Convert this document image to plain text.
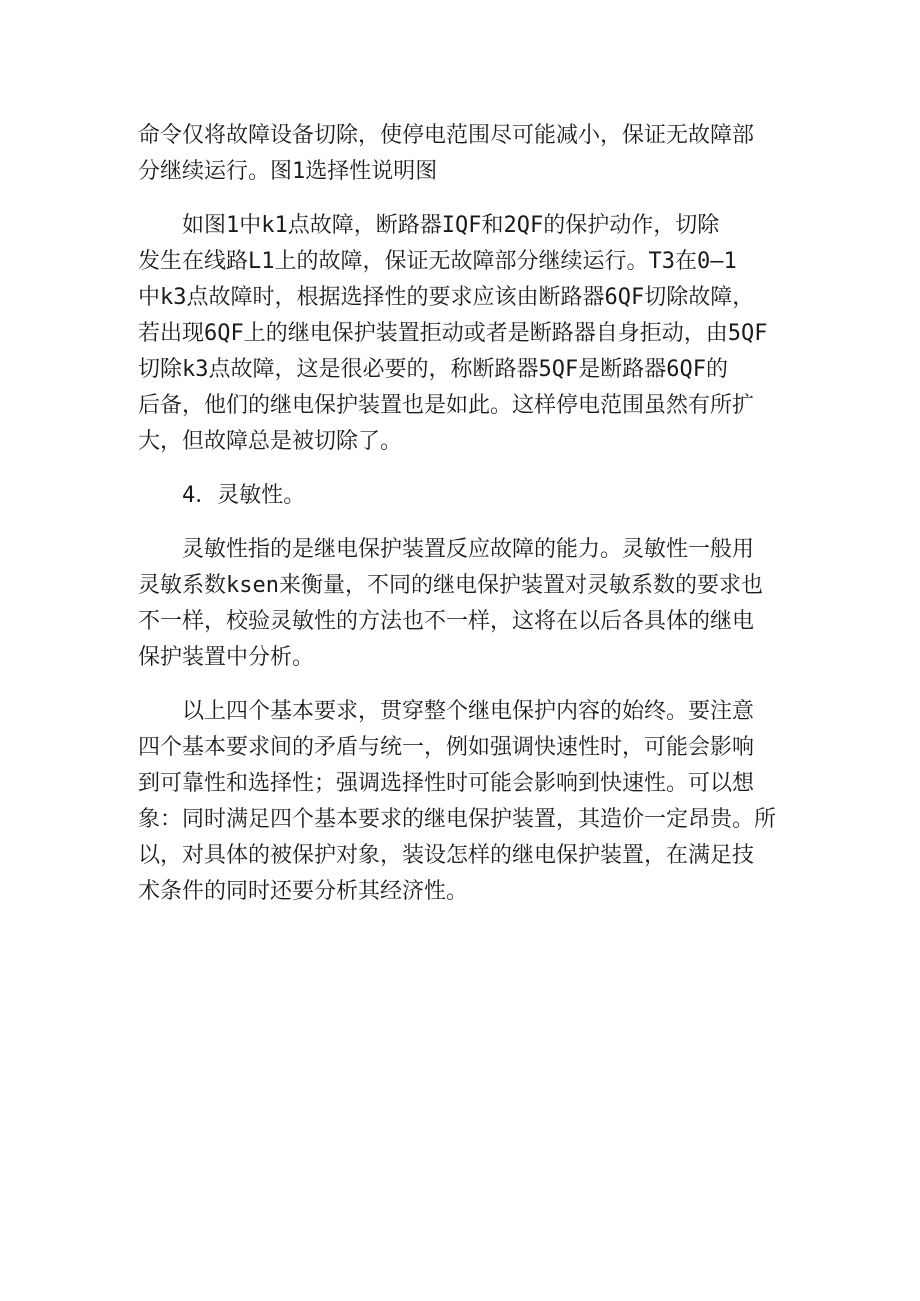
命令仅将故障设备切除，使停电范围尽可能减小，保证无故障部
分继续运行。图1选择性说明图
　　如图1中k1点故障，断路器IQF和2QF的保护动作，切除
发生在线路L1上的故障，保证无故障部分继续运行。T3在0—1
中k3点故障时，根据选择性的要求应该由断路器6QF切除故障，
若出现6QF上的继电保护装置拒动或者是断路器自身拒动，由5QF
切除k3点故障，这是很必要的，称断路器5QF是断路器6QF的
后备，他们的继电保护装置也是如此。这样停电范围虽然有所扩
大，但故障总是被切除了。
　　4．灵敏性。
　　灵敏性指的是继电保护装置反应故障的能力。灵敏性一般用
灵敏系数ksen来衡量，不同的继电保护装置对灵敏系数的要求也
不一样，校验灵敏性的方法也不一样，这将在以后各具体的继电
保护装置中分析。
　　以上四个基本要求，贯穿整个继电保护内容的始终。要注意
四个基本要求间的矛盾与统一，例如强调快速性时，可能会影响
到可靠性和选择性；强调选择性时可能会影响到快速性。可以想
象：同时满足四个基本要求的继电保护装置，其造价一定昂贵。所
以，对具体的被保护对象，装设怎样的继电保护装置，在满足技
术条件的同时还要分析其经济性。
